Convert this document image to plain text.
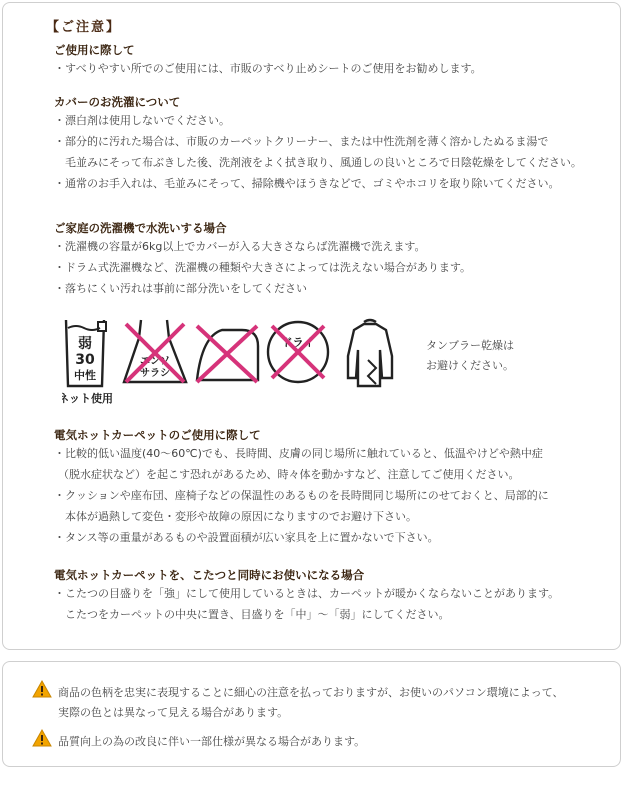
【ご注意】
ご使用に際して
・すべりやすい所でのご使用には、市販のすべり止めシートのご使用をお勧めします。
カバーのお洗濯について
・漂白剤は使用しないでください。
・部分的に汚れた場合は、市販のカーペットクリーナー、または中性洗剤を薄く溶かしたぬるま湯で
　毛並みにそって布ぶきした後、洗剤液をよく拭き取り、風通しの良いところで日陰乾燥をしてください。
・通常のお手入れは、毛並みにそって、掃除機やほうきなどで、ゴミやホコリを取り除いてください。
ご家庭の洗濯機で水洗いする場合
・洗濯機の容量が6kg以上でカバーが入る大きさならば洗濯機で洗えます。
・ドラム式洗濯機など、洗濯機の種類や大きさによっては洗えない場合があります。
・落ちにくい汚れは事前に部分洗いをしてください
弱
30
中性
ネット使用
エンソ
サラシ
ドライ	タンブラー乾燥は
お避けください。
電気ホットカーペットのご使用に際して
・比較的低い温度(40～60℃)でも、長時間、皮膚の同じ場所に触れていると、低温やけどや熱中症
（脱水症状など）を起こす恐れがあるため、時々体を動かすなど、注意してご使用ください。
・クッションや座布団、座椅子などの保温性のあるものを長時間同じ場所にのせておくと、局部的に
　本体が過熱して変色・変形や故障の原因になりますのでお避け下さい。
・タンス等の重量があるものや設置面積が広い家具を上に置かないで下さい。
電気ホットカーペットを、こたつと同時にお使いになる場合
・こたつの目盛りを「強」にして使用しているときは、カーペットが暖かくならないことがあります。
　こたつをカーペットの中央に置き、目盛りを「中」～「弱」にしてください。
商品の色柄を忠実に表現することに細心の注意を払っておりますが、お使いのパソコン環境によって、
実際の色とは異なって見える場合があります。
品質向上の為の改良に伴い一部仕様が異なる場合があります。
